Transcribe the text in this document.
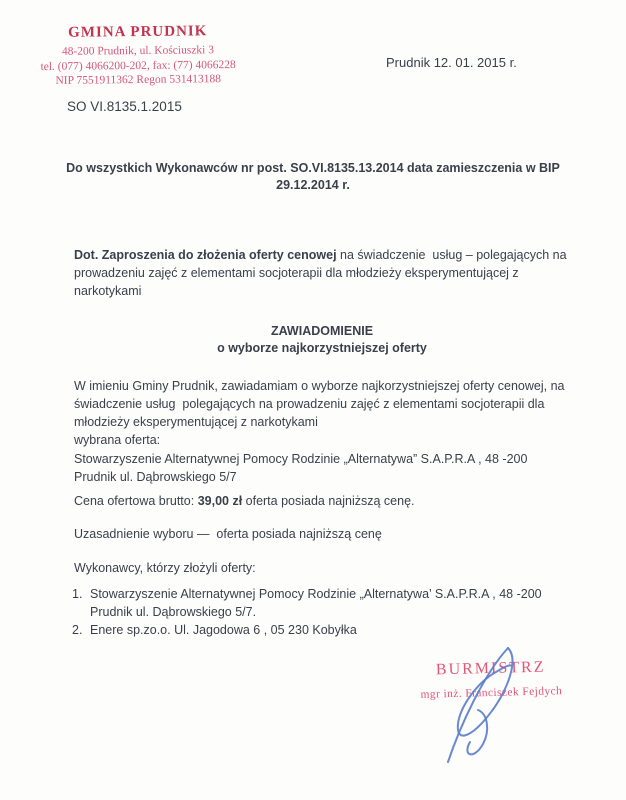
GMINA PRUDNIK
48-200 Prudnik, ul. Kościuszki 3
tel. (077) 4066200-202, fax: (77) 4066228
NIP 7551911362 Regon 531413188
Prudnik 12. 01. 2015 r.
SO VI.8135.1.2015
Do wszystkich Wykonawców nr post. SO.VI.8135.13.2014 data zamieszczenia w BIP
29.12.2014 r.

Dot. Zaproszenia do złożenia oferty cenowej na świadczenie  usług – polegających na prowadzeniu zajęć z elementami socjoterapii dla młodzieży eksperymentującej z narkotykami

ZAWIADOMIENIE
o wyborze najkorzystniejszej oferty

W imieniu Gminy Prudnik, zawiadamiam o wyborze najkorzystniejszej oferty cenowej, na świadczenie usług  polegających na prowadzeniu zajęć z elementami socjoterapii dla młodzieży eksperymentującej z narkotykami
wybrana oferta:

Stowarzyszenie Alternatywnej Pomocy Rodzinie „Alternatywa” S.A.P.R.A , 48 -200 Prudnik ul. Dąbrowskiego 5/7

Cena ofertowa brutto: 39,00 zł oferta posiada najniższą cenę.

Uzasadnienie wyboru —  oferta posiada najniższą cenę

Wykonawcy, którzy złożyli oferty:

Stowarzyszenie Alternatywnej Pomocy Rodzinie „Alternatywa’ S.A.P.R.A , 48 -200 Prudnik ul. Dąbrowskiego 5/7.
Enere sp.zo.o. Ul. Jagodowa 6 , 05 230 Kobyłka
BURMISTRZ
mgr inż. Franciszek Fejdych
